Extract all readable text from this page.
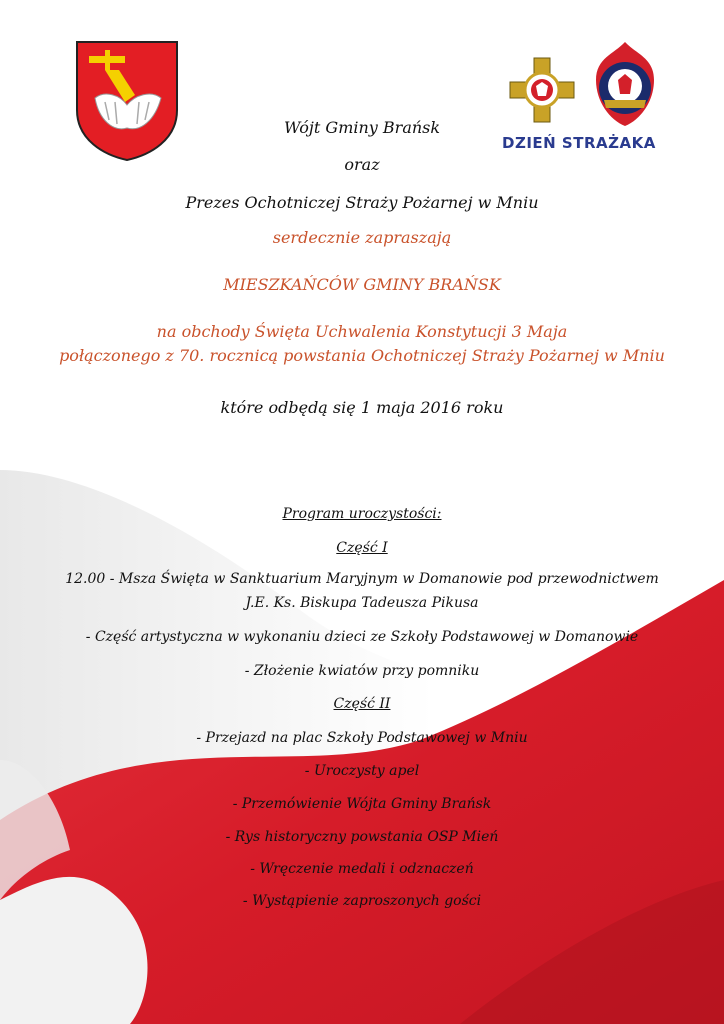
DZIEŃ STRAŻAKA
Wójt Gminy Brańsk
oraz
Prezes Ochotniczej Straży Pożarnej w Mniu
serdecznie zapraszają
MIESZKAŃCÓW GMINY BRAŃSK
na obchody Święta Uchwalenia Konstytucji 3 Maja
połączonego z 70. rocznicą powstania Ochotniczej Straży Pożarnej w Mniu
które odbędą się 1 maja 2016 roku
Program uroczystości:
Część I
12.00 - Msza Święta w Sanktuarium Maryjnym w Domanowie pod przewodnictwem
J.E. Ks. Biskupa Tadeusza Pikusa
- Część artystyczna w wykonaniu dzieci ze Szkoły Podstawowej w Domanowie
- Złożenie kwiatów przy pomniku
Część II
- Przejazd na plac Szkoły Podstawowej w Mniu
- Uroczysty apel
- Przemówienie Wójta Gminy Brańsk
- Rys historyczny powstania OSP Mień
- Wręczenie medali i odznaczeń
- Wystąpienie zaproszonych gości
